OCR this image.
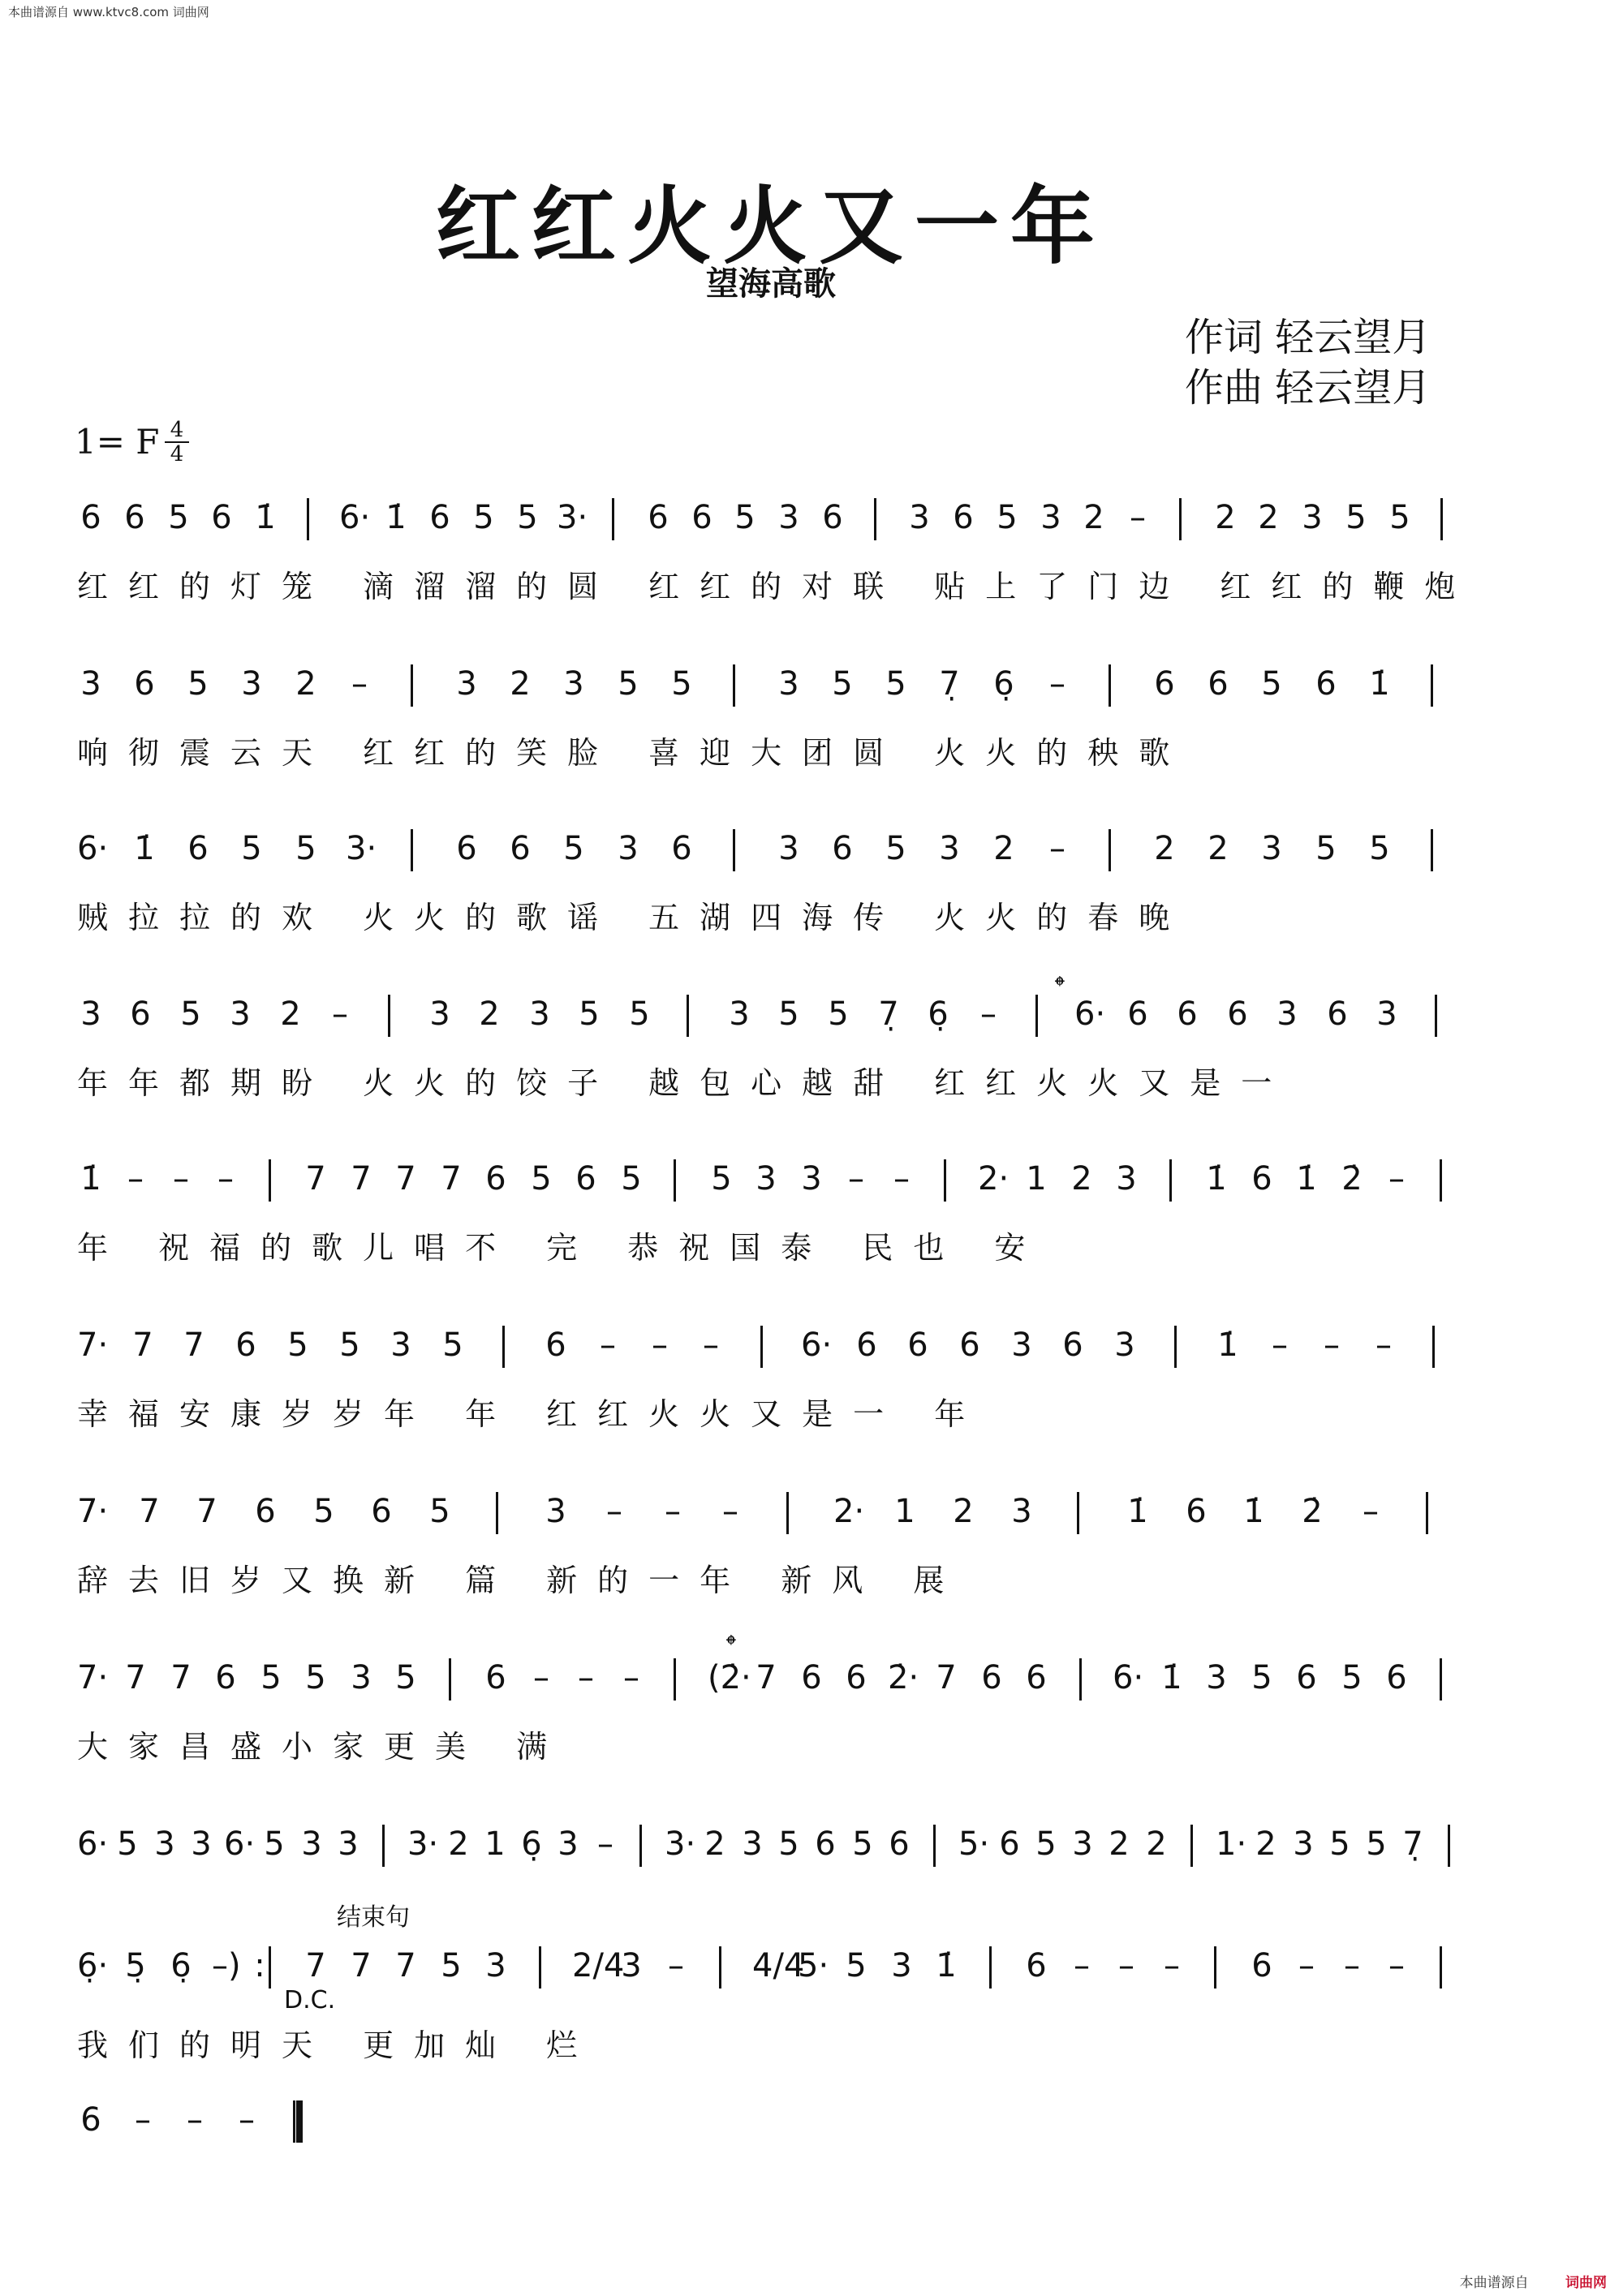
本曲谱源自 www.ktvc8.com 词曲网
红红火火又一年
望海高歌
作词 轻云望月
作曲 轻云望月
1= F 4
4
6 6 5 6 1̇ 6· 1̇ 6 5 5 3· 6 6 5 3 6 3 6 5 3 2 – 2 2 3 5 5
红红的灯笼 滴溜溜的圆 红红的对联 贴上了门边 红红的鞭炮
3 6 5 3 2 –	3 2 3 5 5	3 5 5 7̣ 6̣ –	6 6 5 6 1̇
响彻震云天 红红的笑脸 喜迎大团圆 火火的秧歌
6· 1̇ 6 5 5 3· 6 6 5 3 6	3 6 5 3 2 –	2 2 3 5 5
贼拉拉的欢 火火的歌谣 五湖四海传 火火的春晚
3 6 5 3 2 –	3 2 3 5 5 3 5 5 7̣ 6̣ – 6· 6 6 6 3 6 3
年年都期盼 火火的饺子 越包心越甜 红红火火又是一
1̇ – – – 7 7 7 7 6 5 6 5 5 3 3 – – 2· 1 2 3 1̇ 6 1̇ 2̇ –
年 祝福的歌儿唱不 完 恭祝国泰 民也 安
7· 7 7 6 5 5 3 5	6 – – –	6· 6 6 6 3 6 3	1̇ – – –
幸福安康岁岁年 年 红红火火又是一 年
7· 7 7 6 5 6 5	3 – – –	2· 1 2 3	1̇ 6 1̇ 2̇ –
辞去旧岁又换新 篇 新的一年 新风 展
7· 7 7 6 5 5 3 5 6 – – – (2̇· 7 6 6 2̇· 7 6 6 6· 1̇ 3 5 6 5 6
大家昌盛小家更美 满
6· 5 3 3 6· 5 3 3 3· 2 1 6̣ 3 – 3· 2 3 5 6 5 6 5· 6 5 3 2 2 1· 2 3 5 5 7̣
6̣· 5̣ 6̣ –) : 7 7 7 5 3 2/4
3 – 4/4
5· 5 3 1̇ 6 – – – 6 – – –
我们的明天 更加灿 烂
6 – – –
𝄌
𝄌
结束句
D.C.
本曲谱源自	词曲网
